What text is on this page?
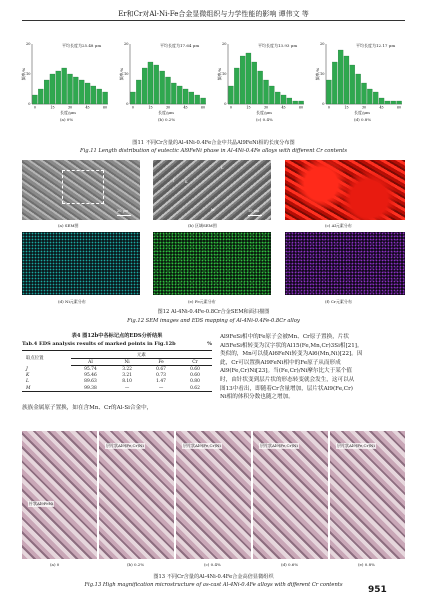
Er和Cr对Al-Ni-Fe合金显微组织与力学性能的影响 谭伟文 等
0
10
20
0	15	30	45	60
频率/%
平均长度为25.48 μm
长度/μm
(a) 0%
0
10
20
0	15	30	45	60
频率/%
平均长度为17.64 μm
长度/μm
(b) 0.2%
0
10
20
0	15	30	45	60
频率/%
平均长度为13.93 μm
长度/μm
(c) 0.4%
0
10
20
0	15	30	45	60
频率/%
平均长度为12.17 μm
长度/μm
(d) 0.8%
图11 不同Cr含量的Al-4Ni-0.4Fe合金中共晶Al9FeNi相的长度分布图
Fig.11 Length distribution of eutectic Al9FeNi phase in Al-4Ni-0.4Fe alloys with different Cr contents
20 μm
J	K
L
M	10 μm
(a) SEM图	(b) 区域SEM图	(c) Al元素分布
(d) Ni元素分布	(e) Fe元素分布	(f) Cr元素分布
图12 Al-4Ni-0.4Fe-0.8Cr合金SEM和面扫描图
Fig.12 SEM images and EDS mapping of Al-4Ni-0.4Fe-0.8Cr alloy
表4 图12b中各标记点的EDS分析结果
Tab.4 EDS analysis results of marked points in Fig.12b	%
取点位置	元素			
	Al	Ni	Fe	Cr
J	95.74	3.22	0.67	0.60
K	95.46	3.21	0.73	0.60
L	89.63	8.10	1.47	0.80
M	99.38	—	—	0.62
族族金属原子置换，如在含Mn、Cr的Al-Si合金中，
Al9FeSi相中的Fe原子会被Mn、Cr原子置换，片状
Al5FeSi相转变为汉字状的Al15(Fe,Mn,Cr)3Si相[21]。
类似的，Mn可以使Al6FeNi转变为Al6(Mn,Ni)[22]。因
此，Cr可以置换Al9FeNi相中的Fe原子从而形成
Al9(Fe,Cr)Ni[23]。当(Fe,Cr)/Ni摩尔比大于某个值
时，由针状变到层片状的形态转变就会发生，这可以从
图13中看出，即随着Cr含量增加，层片状Al9(Fe,Cr)
Ni相的体积分数也随之增加。
针状Al9FeNi
(a) 0
层片状Al9(Fe,Cr)Ni
(b) 0.2%
层片状Al9(Fe,Cr)Ni
(c) 0.4%
层片状Al9(Fe,Cr)Ni
(d) 0.6%
层片状Al9(Fe,Cr)Ni
(e) 0.8%
图13 不同Cr含量的Al-4Ni-0.4Fe合金高倍显微组织
Fig.13 High magnification microstructure of as-cast Al-4Ni-0.4Fe alloys with different Cr contents	951
